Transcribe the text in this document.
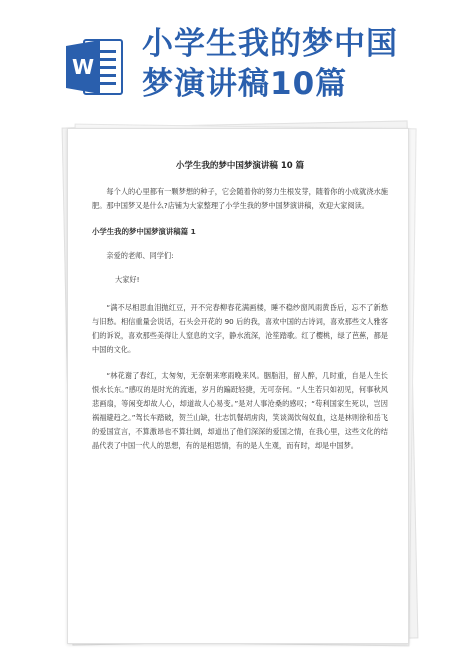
W
小学生我的梦中国
梦演讲稿10篇
小学生我的梦中国梦演讲稿 10 篇

每个人的心里都有一颗梦想的种子，它会随着你的努力生根发芽，随着你的小成就浇水施肥。那中国梦又是什么?店铺为大家整理了小学生我的梦中国梦演讲稿，欢迎大家阅读。

小学生我的梦中国梦演讲稿篇 1

亲爱的老师、同学们:

大家好!

“满不尽相思血泪抛红豆，开不完春柳春花满画楼，睡不稳纱窗风雨黄昏后，忘不了新愁与旧愁。相信重量会说话，石头会开花的 90 后的我，喜欢中国的古诗词，喜欢那些文人雅客们的诉说，喜欢那些美得让人窒息的文字，静水流深，沧笙踏歌。红了樱桃，绿了芭蕉，都是中国的文化。

“林花谢了春红，太匆匆，无奈朝来寒雨晚来风。胭脂泪，留人醉，几时重，自是人生长恨水长东。”感叹的是时光的流逝，岁月的蹁跹轻捷，无可奈何。“人生若只如初见，何事秋风悲画扇，等闲变却故人心，却道故人心易变。”是对人事沧桑的感叹；“苟利国家生死以，岂因祸福避趋之。”驾长车踏破，贺兰山缺，壮志饥餐胡虏肉，笑谈渴饮匈奴血，这是林则徐和岳飞的爱国宣言，不算激昂也不算壮阔，却道出了他们深深的爱国之情，在我心里，这些文化的结晶代表了中国一代人的思想，有的是相思情，有的是人生观，而有时，却是中国梦。
